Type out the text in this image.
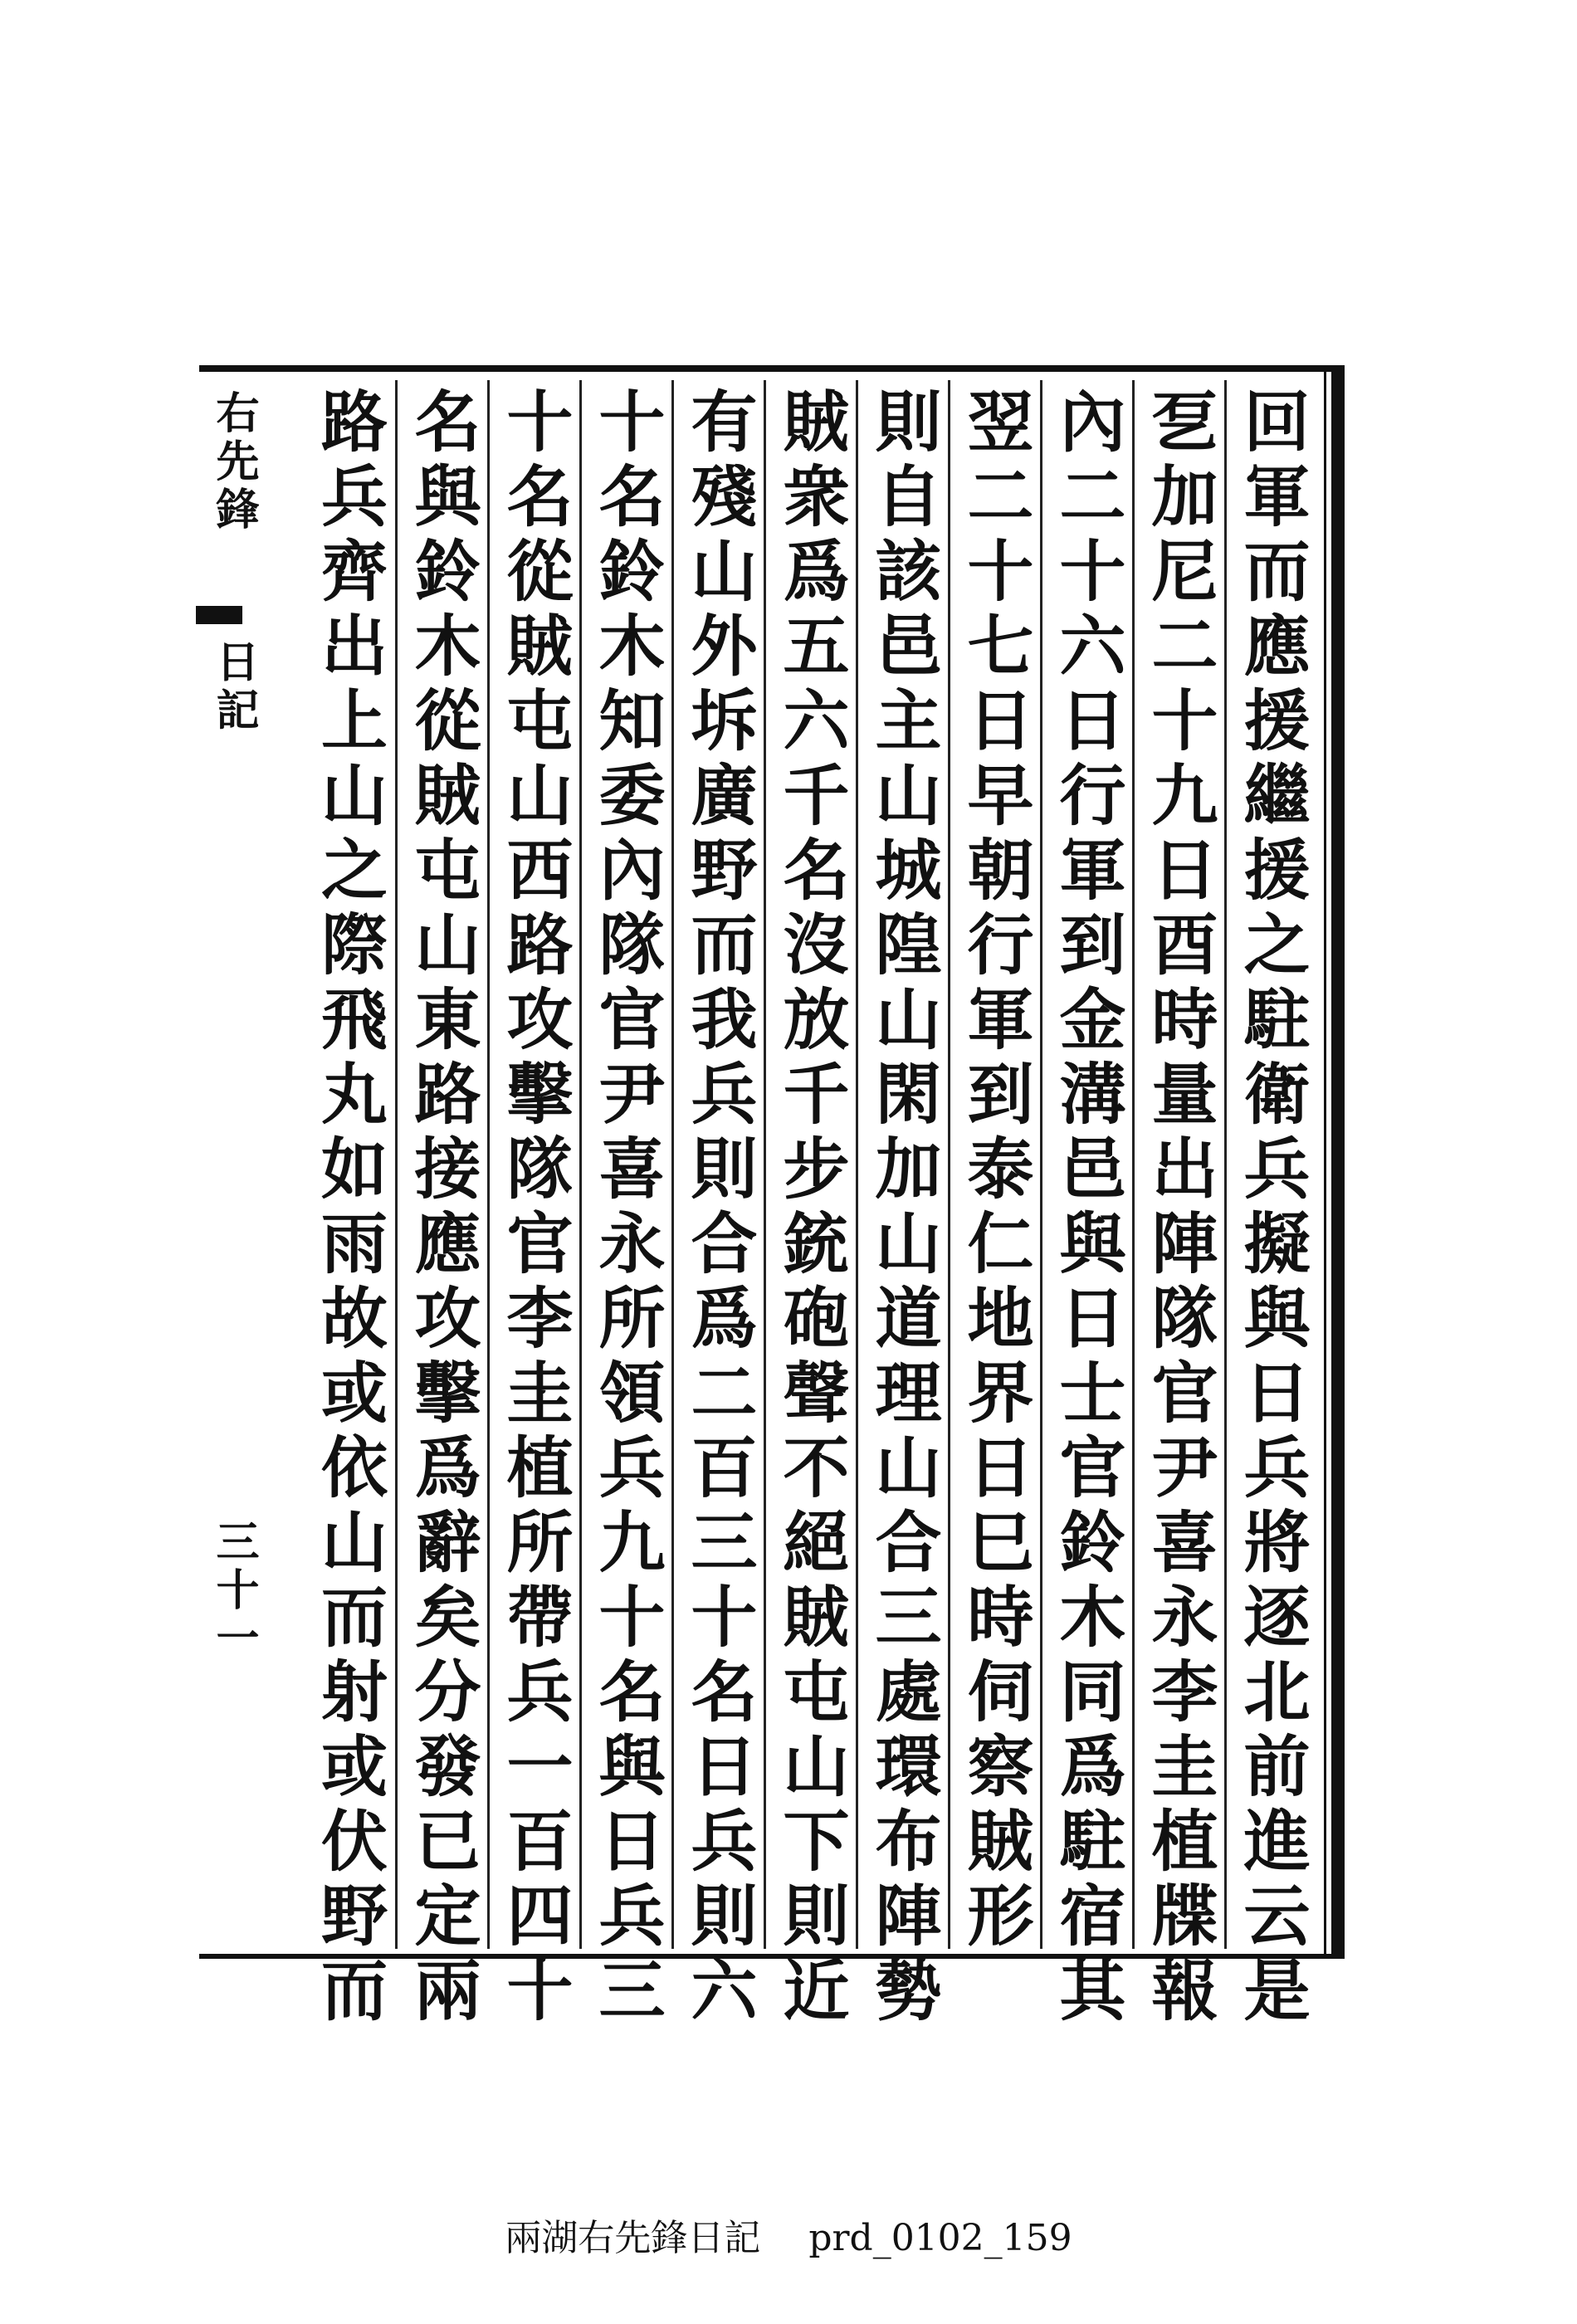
右先鋒
日記
三十一	回軍而應援繼援之駐衛兵擬與日兵將逐北前進云是
乭加尼二十九日酉時量出陣隊官尹喜永李圭植牒報
內二十六日行軍到金溝邑與日士官鈴木同爲駐宿其
翌二十七日早朝行軍到泰仁地界日巳時伺察賊形
則自該邑主山城隍山閑加山道理山合三處環布陣勢
賊衆爲五六千名沒放千步銃砲聲不絕賊屯山下則近
有殘山外坼廣野而我兵則合爲二百三十名日兵則六
十名鈴木知委內隊官尹喜永所領兵九十名與日兵三
十名從賊屯山西路攻擊隊官李圭植所帶兵一百四十
名與鈴木從賊屯山東路接應攻擊爲辭矣分發已定兩
路兵齊出上山之際飛丸如雨故或依山而射或伏野而
兩湖右先鋒日記 prd_0102_159
